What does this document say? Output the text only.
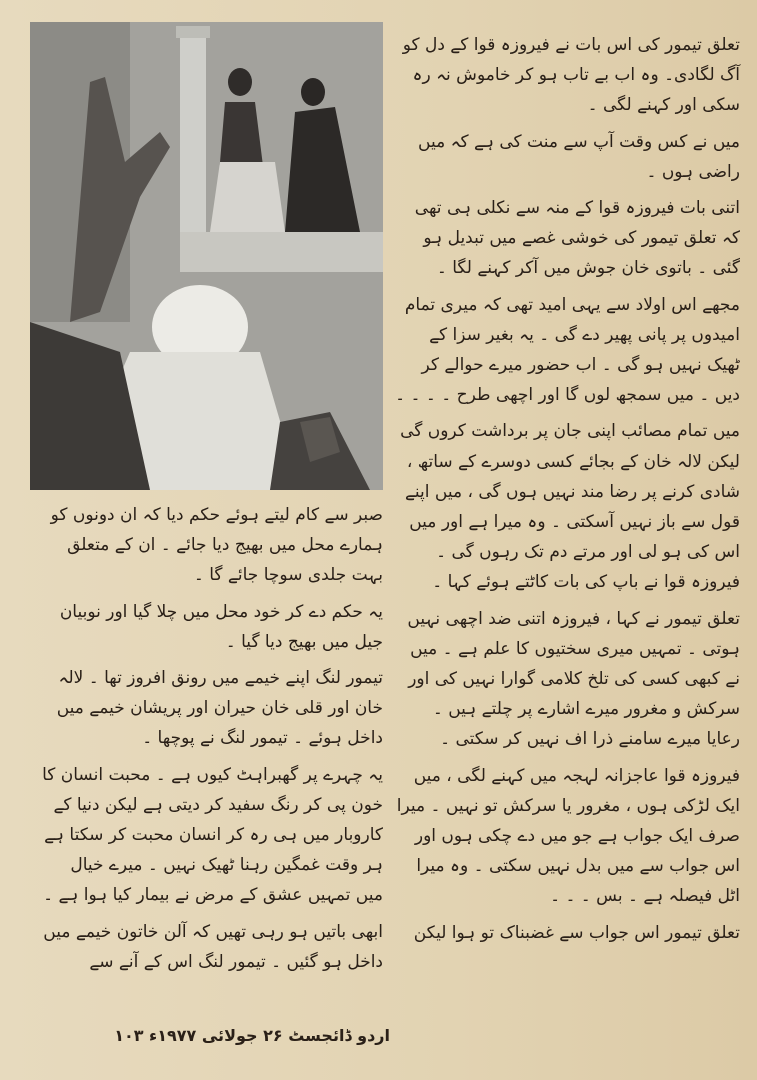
تعلق تیمور کی اس بات نے فیروزہ قوا کے دل کو آگ لگادی۔ وہ اب بے تاب ہو کر خاموش نہ رہ سکی اور کہنے لگی ۔

میں نے کس وقت آپ سے منت کی ہے کہ میں راضی ہوں ۔

اتنی بات فیروزہ قوا کے منہ سے نکلی ہی تھی کہ تعلق تیمور کی خوشی غصے میں تبدیل ہو گئی ۔ باتوی خان جوش میں آکر کہنے لگا ۔

مجھے اس اولاد سے یہی امید تھی کہ میری تمام امیدوں پر پانی پھیر دے گی ۔ یہ بغیر سزا کے ٹھیک نہیں ہو گی ۔ اب حضور میرے حوالے کر دیں ۔ میں سمجھ لوں گا اور اچھی طرح ۔ ۔ ۔ ۔

میں تمام مصائب اپنی جان پر برداشت کروں گی لیکن لالہ خان کے بجائے کسی دوسرے کے ساتھ ، شادی کرنے پر رضا مند نہیں ہوں گی ، میں اپنے قول سے باز نہیں آسکتی ۔ وہ میرا ہے اور میں اس کی ہو لی اور مرتے دم تک رہوں گی ۔ فیروزہ قوا نے باپ کی بات کاٹتے ہوئے کہا ۔

تعلق تیمور نے کہا ، فیروزہ اتنی ضد اچھی نہیں ہوتی ۔ تمہیں میری سختیوں کا علم ہے ۔ میں نے کبھی کسی کی تلخ کلامی گوارا نہیں کی اور سرکش و مغرور میرے اشارے پر چلتے ہیں ۔ رعایا میرے سامنے ذرا اف نہیں کر سکتی ۔

فیروزہ قوا عاجزانہ لہجہ میں کہنے لگی ، میں ایک لڑکی ہوں ، مغرور یا سرکش تو نہیں ۔ میرا صرف ایک جواب ہے جو میں دے چکی ہوں اور اس جواب سے میں بدل نہیں سکتی ۔ وہ میرا اٹل فیصلہ ہے ۔ بس ۔ ۔ ۔

تعلق تیمور اس جواب سے غضبناک تو ہوا لیکن

صبر سے کام لیتے ہوئے حکم دیا کہ ان دونوں کو ہمارے محل میں بھیج دیا جائے ۔ ان کے متعلق بہت جلدی سوچا جائے گا ۔

یہ حکم دے کر خود محل میں چلا گیا اور نوبیان جیل میں بھیج دیا گیا ۔

تیمور لنگ اپنے خیمے میں رونق افروز تھا ۔ لالہ خان اور قلی خان حیران اور پریشان خیمے میں داخل ہوئے ۔ تیمور لنگ نے پوچھا ۔

یہ چہرے پر گھبراہٹ کیوں ہے ۔ محبت انسان کا خون پی کر رنگ سفید کر دیتی ہے لیکن دنیا کے کاروبار میں ہی رہ کر انسان محبت کر سکتا ہے ہر وقت غمگین رہنا ٹھیک نہیں ۔ میرے خیال میں تمہیں عشق کے مرض نے بیمار کیا ہوا ہے ۔

ابھی باتیں ہو رہی تھیں کہ آلن خاتون خیمے میں داخل ہو گئیں ۔ تیمور لنگ اس کے آنے سے

اردو ڈائجسٹ ۲۶ جولائی ۱۹۷۷ء ۱۰۳
